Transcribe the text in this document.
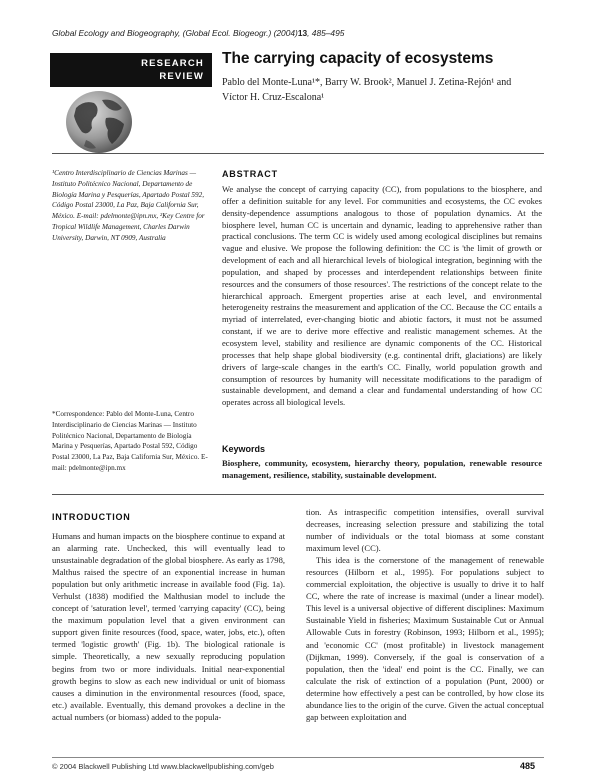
Global Ecology and Biogeography, (Global Ecol. Biogeogr.) (2004)13, 485–495
RESEARCH
REVIEW
The carrying capacity of ecosystems
Pablo del Monte-Luna¹*, Barry W. Brook², Manuel J. Zetina-Rejón¹ and
Víctor H. Cruz-Escalona¹
¹Centro Interdisciplinario de Ciencias Marinas — Instituto Politécnico Nacional, Departamento de Biología Marina y Pesquerías, Apartado Postal 592, Código Postal 23000, La Paz, Baja California Sur, México. E-mail: pdelmonte@ipn.mx, ²Key Centre for Tropical Wildlife Management, Charles Darwin University, Darwin, NT 0909, Australia
*Correspondence: Pablo del Monte-Luna, Centro Interdisciplinario de Ciencias Marinas — Instituto Politécnico Nacional, Departamento de Biología Marina y Pesquerías, Apartado Postal 592, Código Postal 23000, La Paz, Baja California Sur, México. E-mail: pdelmonte@ipn.mx
ABSTRACT
We analyse the concept of carrying capacity (CC), from populations to the biosphere, and offer a definition suitable for any level. For communities and ecosystems, the CC evokes density-dependence assumptions analogous to those of population dynamics. At the biosphere level, human CC is uncertain and dynamic, leading to apprehensive rather than practical conclusions. The term CC is widely used among ecological disciplines but remains vague and elusive. We propose the following definition: the CC is 'the limit of growth or development of each and all hierarchical levels of biological integration, beginning with the population, and shaped by processes and interdependent relationships between finite resources and the consumers of those resources'. The restrictions of the concept relate to the hierarchical approach. Emergent properties arise at each level, and environmental heterogeneity restrains the measurement and application of the CC. Because the CC entails a myriad of interrelated, ever-changing biotic and abiotic factors, it must not be assumed constant, if we are to derive more effective and realistic management schemes. At the ecosystem level, stability and resilience are dynamic components of the CC. Historical processes that help shape global biodiversity (e.g. continental drift, glaciations) are likely drivers of large-scale changes in the earth's CC. Finally, world population growth and consumption of resources by humanity will necessitate modifications to the paradigm of sustainable development, and demand a clear and fundamental understanding of how CC operates across all biological levels.
Keywords
Biosphere, community, ecosystem, hierarchy theory, population, renewable resource management, resilience, stability, sustainable development.
INTRODUCTION

Humans and human impacts on the biosphere continue to expand at an alarming rate. Unchecked, this will eventually lead to unsustainable degradation of the global biosphere. As early as 1798, Malthus raised the spectre of an exponential increase in human population but only arithmetic increase in available food (Fig. 1a). Verhulst (1838) modified the Malthusian model to include the concept of 'saturation level', termed 'carrying capacity' (CC), being the maximum population level that a given environment can support given finite resources (food, space, water, jobs, etc.), often termed 'logistic growth' (Fig. 1b). The biological rationale is simple. Theoretically, a new sexually reproducing population begins from two or more individuals. Initial near-exponential growth begins to slow as each new individual or unit of biomass causes a diminution in the environmental resources (food, space, etc.) available. Eventually, this demand provokes a decline in the actual numbers (or biomass) added to the popula-

tion. As intraspecific competition intensifies, overall survival decreases, increasing selection pressure and stabilizing the total number of individuals or the total biomass at some constant maximum level (CC).

This idea is the cornerstone of the management of renewable resources (Hilborn et al., 1995). For populations subject to commercial exploitation, the objective is usually to drive it to half CC, where the rate of increase is maximal (under a linear model). This level is a universal objective of different disciplines: Maximum Sustainable Yield in fisheries; Maximum Sustainable Cut or Annual Allowable Cuts in forestry (Robinson, 1993; Hilborn et al., 1995); and 'economic CC' (most profitable) in livestock management (Dijkman, 1999). Conversely, if the goal is conservation of a population, then the 'ideal' end point is the CC. Finally, we can calculate the risk of extinction of a population (Punt, 2000) or determine how effectively a pest can be controlled, by how close its abundance lies to the origin of the curve. Given the actual conceptual gap between exploitation and

© 2004 Blackwell Publishing Ltd www.blackwellpublishing.com/geb	485
